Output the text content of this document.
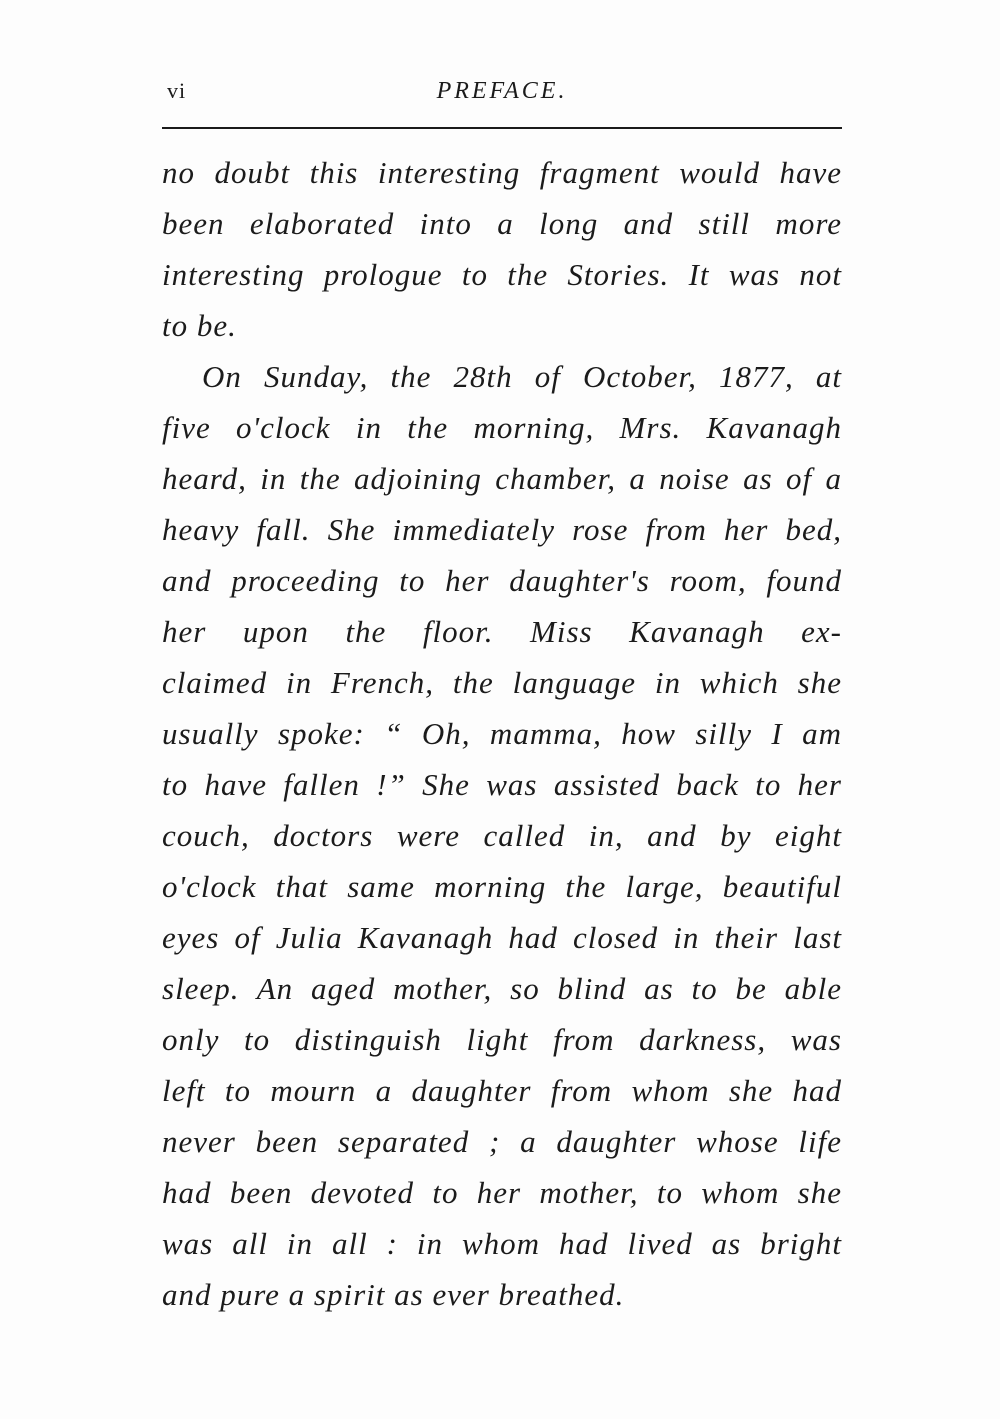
vi	PREFACE.
no doubt this interesting fragment would have
been elaborated into a long and still more
interesting prologue to the Stories. It was not
to be.
On Sunday, the 28th of October, 1877, at
five o'clock in the morning, Mrs. Kavanagh
heard, in the adjoining chamber, a noise as of a
heavy fall. She immediately rose from her bed,
and proceeding to her daughter's room, found
her upon the floor. Miss Kavanagh ex-
claimed in French, the language in which she
usually spoke: “ Oh, mamma, how silly I am
to have fallen !” She was assisted back to her
couch, doctors were called in, and by eight
o'clock that same morning the large, beautiful
eyes of Julia Kavanagh had closed in their last
sleep. An aged mother, so blind as to be able
only to distinguish light from darkness, was
left to mourn a daughter from whom she had
never been separated ; a daughter whose life
had been devoted to her mother, to whom she
was all in all : in whom had lived as bright
and pure a spirit as ever breathed.
